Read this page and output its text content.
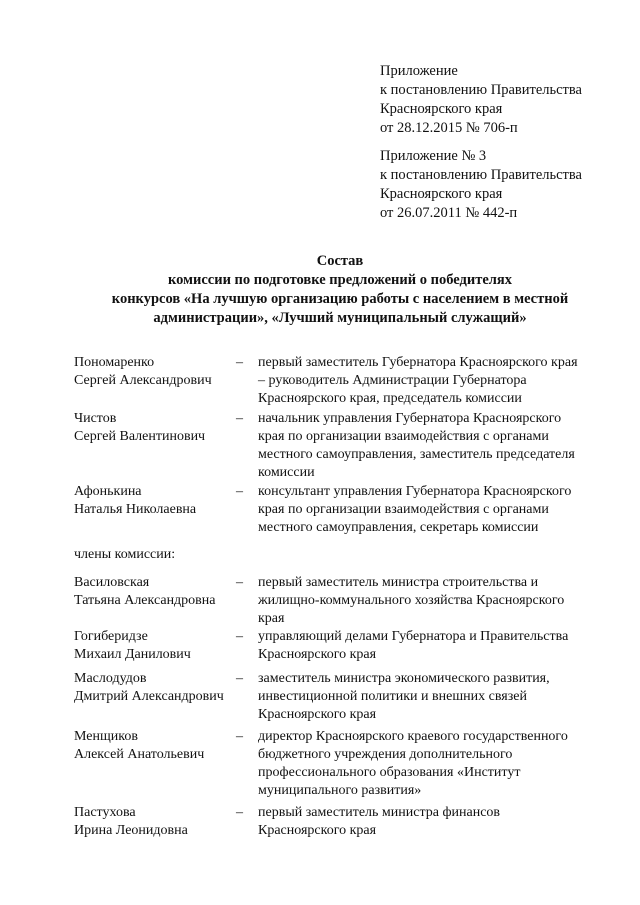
Приложение
к постановлению Правительства
Красноярского края
от 28.12.2015 № 706-п
Приложение № 3
к постановлению Правительства
Красноярского края
от 26.07.2011 № 442-п
Состав
комиссии по подготовке предложений о победителях
конкурсов «На лучшую организацию работы с населением в местной
администрации», «Лучший муниципальный служащий»
Пономаренко
Сергей Александрович
– первый заместитель Губернатора Красноярского края
– руководитель Администрации Губернатора
Красноярского края, председатель комиссии
Чистов
Сергей Валентинович
– начальник управления Губернатора Красноярского
края по организации взаимодействия с органами
местного самоуправления, заместитель председателя
комиссии
Афонькина
Наталья Николаевна
– консультант управления Губернатора Красноярского
края по организации взаимодействия с органами
местного самоуправления, секретарь комиссии
члены комиссии:
Василовская
Татьяна Александровна
– первый заместитель министра строительства и
жилищно-коммунального хозяйства Красноярского
края
Гогиберидзе
Михаил Данилович
– управляющий делами Губернатора и Правительства
Красноярского края
Маслодудов
Дмитрий Александрович
– заместитель министра экономического развития,
инвестиционной политики и внешних связей
Красноярского края
Менщиков
Алексей Анатольевич
– директор Красноярского краевого государственного
бюджетного учреждения дополнительного
профессионального образования «Институт
муниципального развития»
Пастухова
Ирина Леонидовна
– первый заместитель министра финансов
Красноярского края
